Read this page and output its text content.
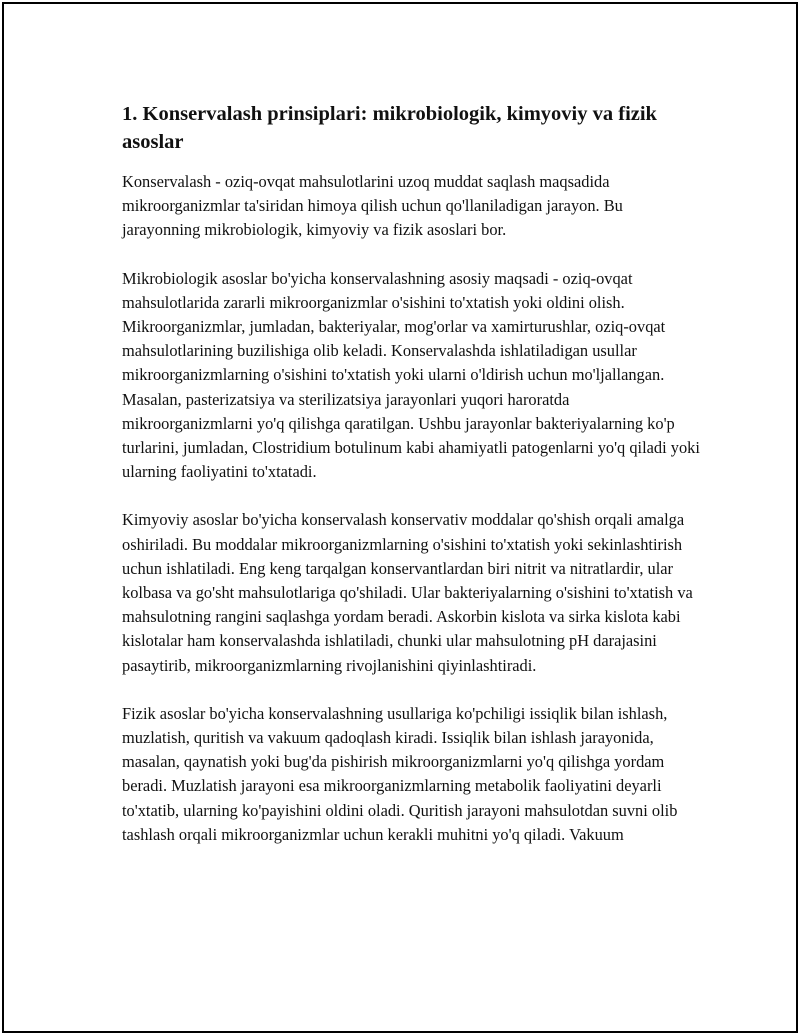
1. Konservalash prinsiplari: mikrobiologik, kimyoviy va fizik asoslar

Konservalash - oziq-ovqat mahsulotlarini uzoq muddat saqlash maqsadida mikroorganizmlar ta'siridan himoya qilish uchun qo'llaniladigan jarayon. Bu jarayonning mikrobiologik, kimyoviy va fizik asoslari bor.

Mikrobiologik asoslar bo'yicha konservalashning asosiy maqsadi - oziq-ovqat mahsulotlarida zararli mikroorganizmlar o'sishini to'xtatish yoki oldini olish. Mikroorganizmlar, jumladan, bakteriyalar, mog'orlar va xamirturushlar, oziq-ovqat mahsulotlarining buzilishiga olib keladi. Konservalashda ishlatiladigan usullar mikroorganizmlarning o'sishini to'xtatish yoki ularni o'ldirish uchun mo'ljallangan. Masalan, pasterizatsiya va sterilizatsiya jarayonlari yuqori haroratda mikroorganizmlarni yo'q qilishga qaratilgan. Ushbu jarayonlar bakteriyalarning ko'p turlarini, jumladan, Clostridium botulinum kabi ahamiyatli patogenlarni yo'q qiladi yoki ularning faoliyatini to'xtatadi.

Kimyoviy asoslar bo'yicha konservalash konservativ moddalar qo'shish orqali amalga oshiriladi. Bu moddalar mikroorganizmlarning o'sishini to'xtatish yoki sekinlashtirish uchun ishlatiladi. Eng keng tarqalgan konservantlardan biri nitrit va nitratlardir, ular kolbasa va go'sht mahsulotlariga qo'shiladi. Ular bakteriyalarning o'sishini to'xtatish va mahsulotning rangini saqlashga yordam beradi. Askorbin kislota va sirka kislota kabi kislotalar ham konservalashda ishlatiladi, chunki ular mahsulotning pH darajasini pasaytirib, mikroorganizmlarning rivojlanishini qiyinlashtiradi.

Fizik asoslar bo'yicha konservalashning usullariga ko'pchiligi issiqlik bilan ishlash, muzlatish, quritish va vakuum qadoqlash kiradi. Issiqlik bilan ishlash jarayonida, masalan, qaynatish yoki bug'da pishirish mikroorganizmlarni yo'q qilishga yordam beradi. Muzlatish jarayoni esa mikroorganizmlarning metabolik faoliyatini deyarli to'xtatib, ularning ko'payishini oldini oladi. Quritish jarayoni mahsulotdan suvni olib tashlash orqali mikroorganizmlar uchun kerakli muhitni yo'q qiladi. Vakuum
